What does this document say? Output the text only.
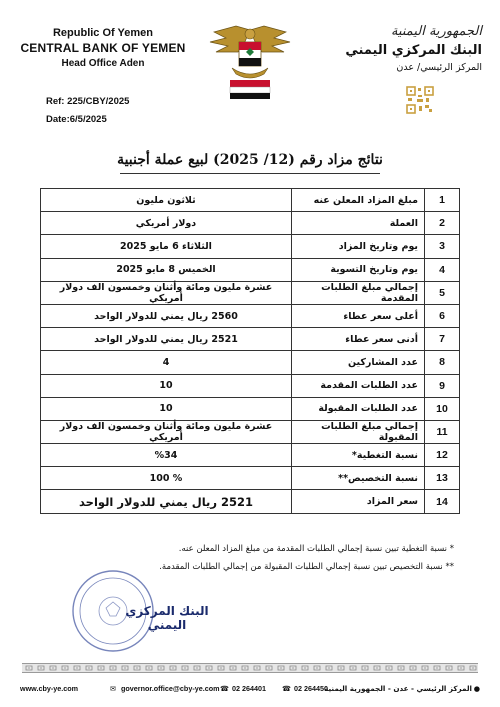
Republic Of Yemen
CENTRAL BANK OF YEMEN
Head Office Aden
Ref: 225/CBY/2025
Date:6/5/2025
الجمهورية اليمنية
البنك المركزي اليمني
المركز الرئيسي/ عدن
نتائج مزاد رقم (12/ 2025) لبيع عملة أجنبية
1	مبلغ المزاد المعلن عنه	ثلاثون مليون
2	العملة	دولار أمريكي
3	يوم وتاريخ المزاد	الثلاثاء 6 مايو 2025
4	يوم وتاريخ التسوية	الخميس 8 مايو 2025
5	إجمالي مبلغ الطلبات المقدمة	عشرة مليون ومائة وأثنان وخمسون الف دولار أمريكي
6	أعلى سعر عطاء	2560 ريال يمني للدولار الواحد
7	أدنى سعر عطاء	2521 ريال يمني للدولار الواحد
8	عدد المشاركين	4
9	عدد الطلبات المقدمة	10
10	عدد الطلبات المقبولة	10
11	إجمالي مبلغ الطلبات المقبولة	عشرة مليون ومائة وأثنان وخمسون الف دولار أمريكي
12	نسبة التغطية*	%34
13	نسبة التخصيص**	% 100
14	سعر المزاد	2521 ريال يمني للدولار الواحد
* نسبة التغطية تبين نسبة إجمالي الطلبات المقدمة من مبلغ المزاد المعلن عنه.
** نسبة التخصيص تبين نسبة إجمالي الطلبات المقبولة من إجمالي الطلبات المقدمة.
البنك المركزي اليمني
www.cby-ye.com	✉ governor.office@cby-ye.com ☎ 02 264401 ☎ 02 264450
المركز الرئيسي - عدن - الجمهورية اليمنية ●
